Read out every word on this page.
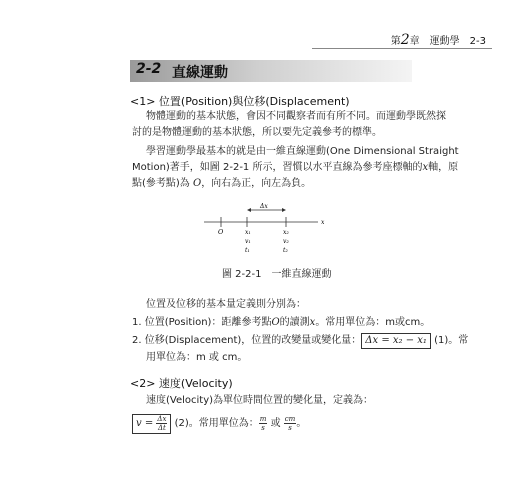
第2章　運動學　2-3
2-2 直線運動
<1> 位置(Position)與位移(Displacement)
物體運動的基本狀態，會因不同觀察者而有所不同。而運動學既然探
討的是物體運動的基本狀態，所以要先定義參考的標準。
學習運動學最基本的就是由一維直線運動(One Dimensional Straight
Motion)著手，如圖 2-2-1 所示，習慣以水平直線為參考座標軸的x軸，原
點(參考點)為 O，向右為正，向左為負。
Δx
x
O	x₁
v₁
t₁
x₂
v₂
t₂
圖 2-2-1　一維直線運動
位置及位移的基本量定義則分別為：
1. 位置(Position)：距離參考點O的讀測x。常用單位為：m或cm。
2. 位移(Displacement)，位置的改變量或變化量： Δx = x₂ − x₁ (1)。常
用單位為：m 或 cm。
<2> 速度(Velocity)
速度(Velocity)為單位時間位置的變化量，定義為：
$v = \frac{\Delta x}{\Delta t} (2)$。常用單位為： $\frac{m}{s}$ 或 $\frac{cm}{s}$ 。
